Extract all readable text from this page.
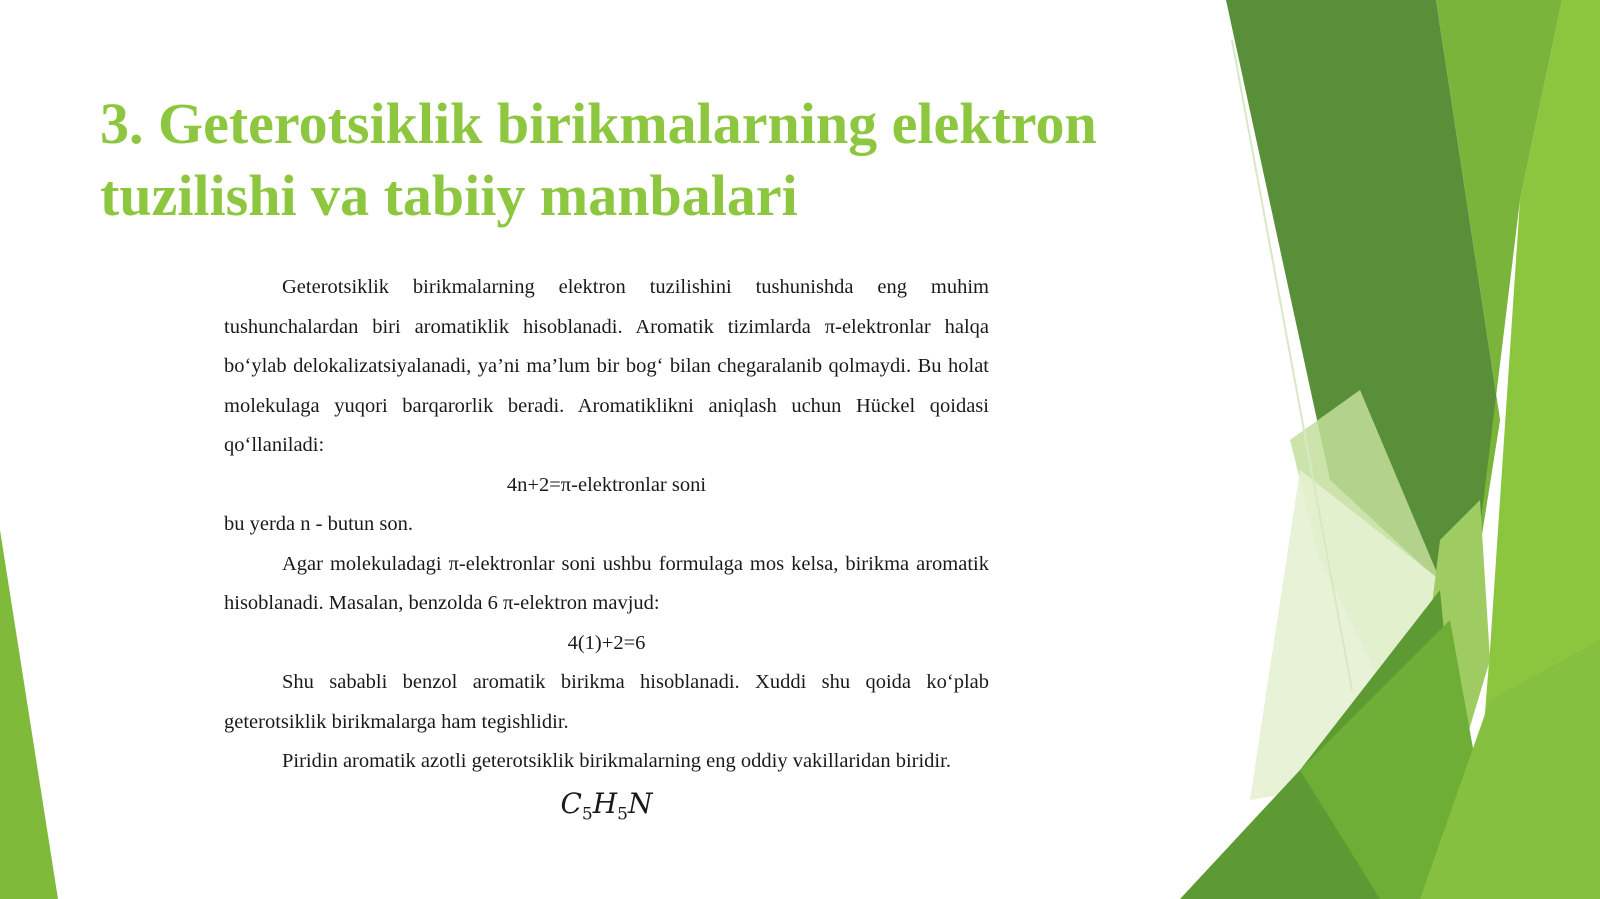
3. Geterotsiklik birikmalarning elektron tuzilishi va tabiiy manbalari

Geterotsiklik birikmalarning elektron tuzilishini tushunishda eng muhim tushunchalardan biri aromatiklik hisoblanadi. Aromatik tizimlarda π-elektronlar halqa bo‘ylab delokalizatsiyalanadi, ya’ni ma’lum bir bog‘ bilan chegaralanib qolmaydi. Bu holat molekulaga yuqori barqarorlik beradi. Aromatiklikni aniqlash uchun Hückel qoidasi qo‘llaniladi:

4n+2=π-elektronlar soni

bu yerda n - butun son.

Agar molekuladagi π-elektronlar soni ushbu formulaga mos kelsa, birikma aromatik hisoblanadi. Masalan, benzolda 6 π-elektron mavjud:

4(1)+2=6

Shu sababli benzol aromatik birikma hisoblanadi. Xuddi shu qoida ko‘plab geterotsiklik birikmalarga ham tegishlidir.

Piridin aromatik azotli geterotsiklik birikmalarning eng oddiy vakillaridan biridir.

$C_5H_5N$
